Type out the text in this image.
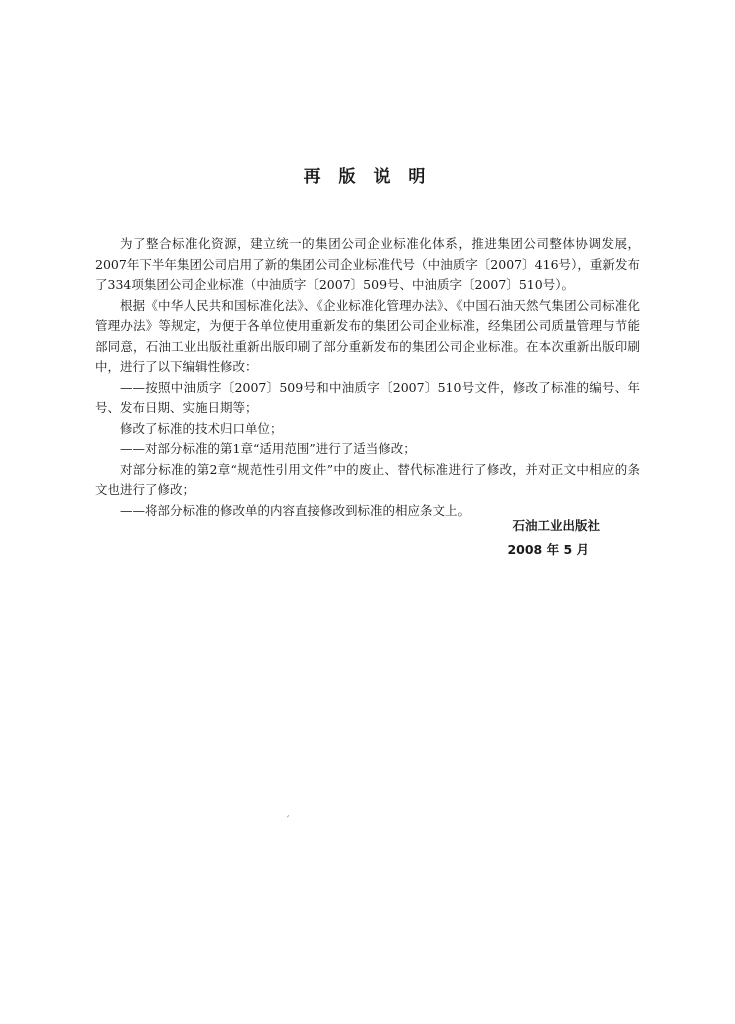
再 版 说 明

为了整合标准化资源，建立统一的集团公司企业标准化体系，推进集团公司整体协调发展，2007年下半年集团公司启用了新的集团公司企业标准代号（中油质字〔2007〕416号），重新发布了334项集团公司企业标准（中油质字〔2007〕509号、中油质字〔2007〕510号）。

根据《中华人民共和国标准化法》、《企业标准化管理办法》、《中国石油天然气集团公司标准化管理办法》等规定，为便于各单位使用重新发布的集团公司企业标准，经集团公司质量管理与节能部同意，石油工业出版社重新出版印刷了部分重新发布的集团公司企业标准。在本次重新出版印刷中，进行了以下编辑性修改：

——按照中油质字〔2007〕509号和中油质字〔2007〕510号文件，修改了标准的编号、年号、发布日期、实施日期等；

修改了标准的技术归口单位；

——对部分标准的第1章“适用范围”进行了适当修改；

对部分标准的第2章“规范性引用文件”中的废止、替代标准进行了修改，并对正文中相应的条文也进行了修改；

——将部分标准的修改单的内容直接修改到标准的相应条文上。

石油工业出版社
2008 年 5 月
′
